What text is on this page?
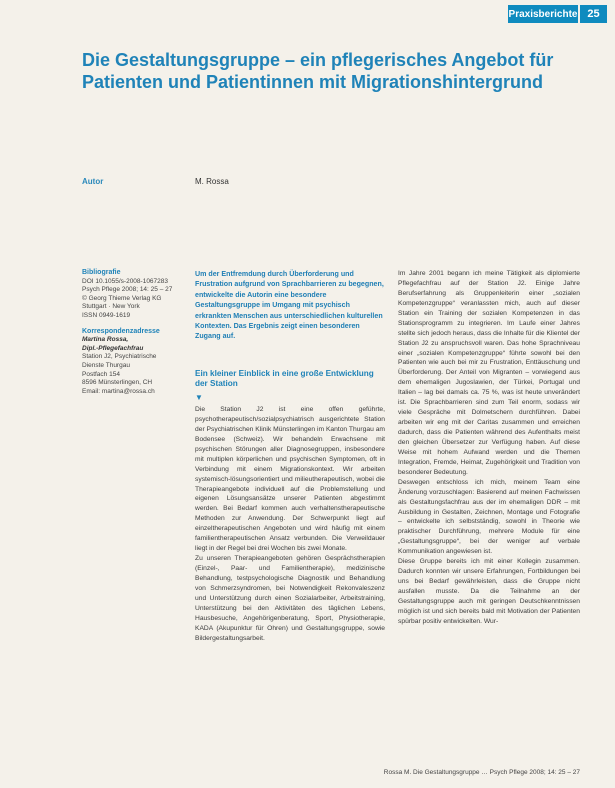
Praxisberichte 25
Die Gestaltungsgruppe – ein pflegerisches Angebot für Patienten und Patientinnen mit Migrationshintergrund
Autor	M. Rossa
Bibliografie
DOI 10.1055/s-2008-1067283
Psych Pflege 2008; 14: 25 – 27
© Georg Thieme Verlag KG
Stuttgart · New York
ISSN 0949-1619
Korrespondenzadresse
Martina Rossa,
Dipl.-Pflegefachfrau
Station J2, Psychiatrische
Dienste Thurgau
Postfach 154
8596 Münsterlingen, CH
Email: martina@rossa.ch

Um der Entfremdung durch Überforderung und Frustration aufgrund von Sprachbarrieren zu begegnen, entwickelte die Autorin eine besondere Gestaltungsgruppe im Umgang mit psychisch erkrankten Menschen aus unterschiedlichen kulturellen Kontexten. Das Ergebnis zeigt einen besonderen Zugang auf.

Ein kleiner Einblick in eine große Entwicklung der Station
▼

Die Station J2 ist eine offen geführte, psychotherapeutisch/sozialpsychiatrisch ausgerichtete Station der Psychiatrischen Klinik Münsterlingen im Kanton Thurgau am Bodensee (Schweiz). Wir behandeln Erwachsene mit psychischen Störungen aller Diagnosegruppen, insbesondere mit multiplen körperlichen und psychischen Symptomen, oft in Verbindung mit einem Migrationskontext. Wir arbeiten systemisch-lösungsorientiert und milieutherapeutisch, wobei die Therapieangebote individuell auf die Problemstellung und eigenen Lösungsansätze unserer Patienten abgestimmt werden. Bei Bedarf kommen auch verhaltenstherapeutische Methoden zur Anwendung. Der Schwerpunkt liegt auf einzeltherapeutischen Angeboten und wird häufig mit einem familientherapeutischen Ansatz verbunden. Die Verweildauer liegt in der Regel bei drei Wochen bis zwei Monate.

Zu unseren Therapieangeboten gehören Gesprächstherapien (Einzel-, Paar- und Familientherapie), medizinische Behandlung, testpsychologische Diagnostik und Behandlung von Schmerzsyndromen, bei Notwendigkeit Rekonvaleszenz und Unterstützung durch einen Sozialarbeiter, Arbeitstraining, Unterstützung bei den Aktivitäten des täglichen Lebens, Hausbesuche, Angehörigenberatung, Sport, Physiotherapie, KADA (Akupunktur für Ohren) und Gestaltungsgruppe, sowie Bildergestaltungsarbeit.

Im Jahre 2001 begann ich meine Tätigkeit als diplomierte Pflegefachfrau auf der Station J2. Einige Jahre Berufserfahrung als Gruppenleiterin einer „sozialen Kompetenzgruppe“ veranlassten mich, auch auf dieser Station ein Training der sozialen Kompetenzen in das Stationsprogramm zu integrieren. Im Laufe einer Jahres stellte sich jedoch heraus, dass die Inhalte für die Klientel der Station J2 zu anspruchsvoll waren. Das hohe Sprachniveau einer „sozialen Kompetenzgruppe“ führte sowohl bei den Patienten wie auch bei mir zu Frustration, Enttäuschung und Überforderung. Der Anteil von Migranten – vorwiegend aus dem ehemaligen Jugoslawien, der Türkei, Portugal und Italien – lag bei damals ca. 75 %, was ist heute unverändert ist. Die Sprachbarrieren sind zum Teil enorm, sodass wir viele Gespräche mit Dolmetschern durchführen. Dabei arbeiten wir eng mit der Caritas zusammen und erreichen dadurch, dass die Patienten während des Aufenthalts meist den gleichen Übersetzer zur Verfügung haben. Auf diese Weise mit hohem Aufwand werden und die Themen Integration, Fremde, Heimat, Zugehörigkeit und Tradition von besonderer Bedeutung.

Deswegen entschloss ich mich, meinem Team eine Änderung vorzuschlagen: Basierend auf meinen Fachwissen als Gestaltungsfachfrau aus der im ehemaligen DDR – mit Ausbildung in Gestalten, Zeichnen, Montage und Fotografie – entwickelte ich selbstständig, sowohl in Theorie wie praktischer Durchführung, mehrere Module für eine „Gestaltungsgruppe“, bei der weniger auf verbale Kommunikation angewiesen ist.

Diese Gruppe bereits ich mit einer Kollegin zusammen. Dadurch konnten wir unsere Erfahrungen, Fortbildungen bei uns bei Bedarf gewährleisten, dass die Gruppe nicht ausfallen musste. Da die Teilnahme an der Gestaltungsgruppe auch mit geringen Deutschkenntnissen möglich ist und sich bereits bald mit Motivation der Patienten spürbar positiv entwickelten. Wur-

Rossa M. Die Gestaltungsgruppe … Psych Pflege 2008; 14: 25 – 27
